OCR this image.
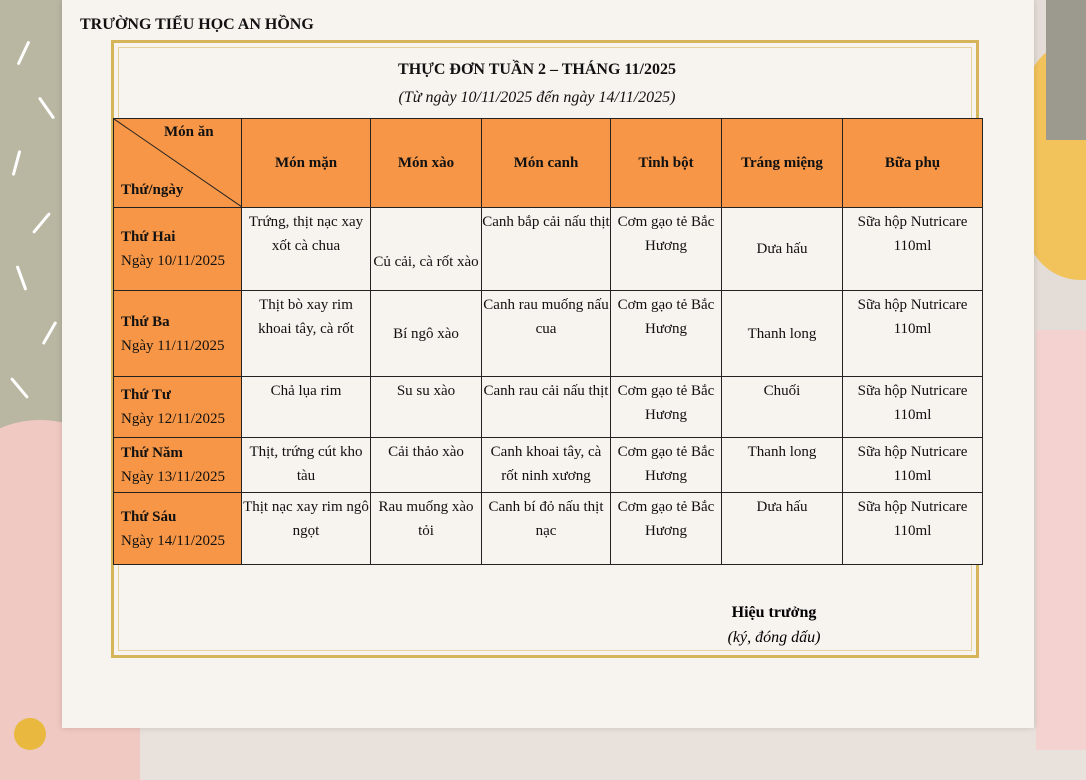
TRƯỜNG TIỂU HỌC AN HỒNG
THỰC ĐƠN TUẦN 2 – THÁNG 11/2025
(Từ ngày 10/11/2025 đến ngày 14/11/2025)
Món ăn
Thứ/ngày	Món mặn	Món xào	Món canh	Tinh bột	Tráng miệng	Bữa phụ

Thứ Hai
Ngày 10/11/2025	Trứng, thịt nạc xay xốt cà chua	Củ cải, cà rốt xào	Canh bắp cải nấu thịt	Cơm gạo tẻ Bắc Hương	Dưa hấu	Sữa hộp Nutricare 110ml

Thứ Ba
Ngày 11/11/2025	Thịt bò xay rim khoai tây, cà rốt	Bí ngô xào	Canh rau muống nấu cua	Cơm gạo tẻ Bắc Hương	Thanh long	Sữa hộp Nutricare 110ml

Thứ Tư
Ngày 12/11/2025	Chả lụa rim	Su su xào	Canh rau cải nấu thịt	Cơm gạo tẻ Bắc Hương	Chuối	Sữa hộp Nutricare 110ml

Thứ Năm
Ngày 13/11/2025	Thịt, trứng cút kho tàu	Cải thảo xào	Canh khoai tây, cà rốt ninh xương	Cơm gạo tẻ Bắc Hương	Thanh long	Sữa hộp Nutricare 110ml

Thứ Sáu
Ngày 14/11/2025	Thịt nạc xay rim ngô ngọt	Rau muống xào tỏi	Canh bí đỏ nấu thịt nạc	Cơm gạo tẻ Bắc Hương	Dưa hấu	Sữa hộp Nutricare 110ml
Hiệu trưởng
(ký, đóng dấu)
